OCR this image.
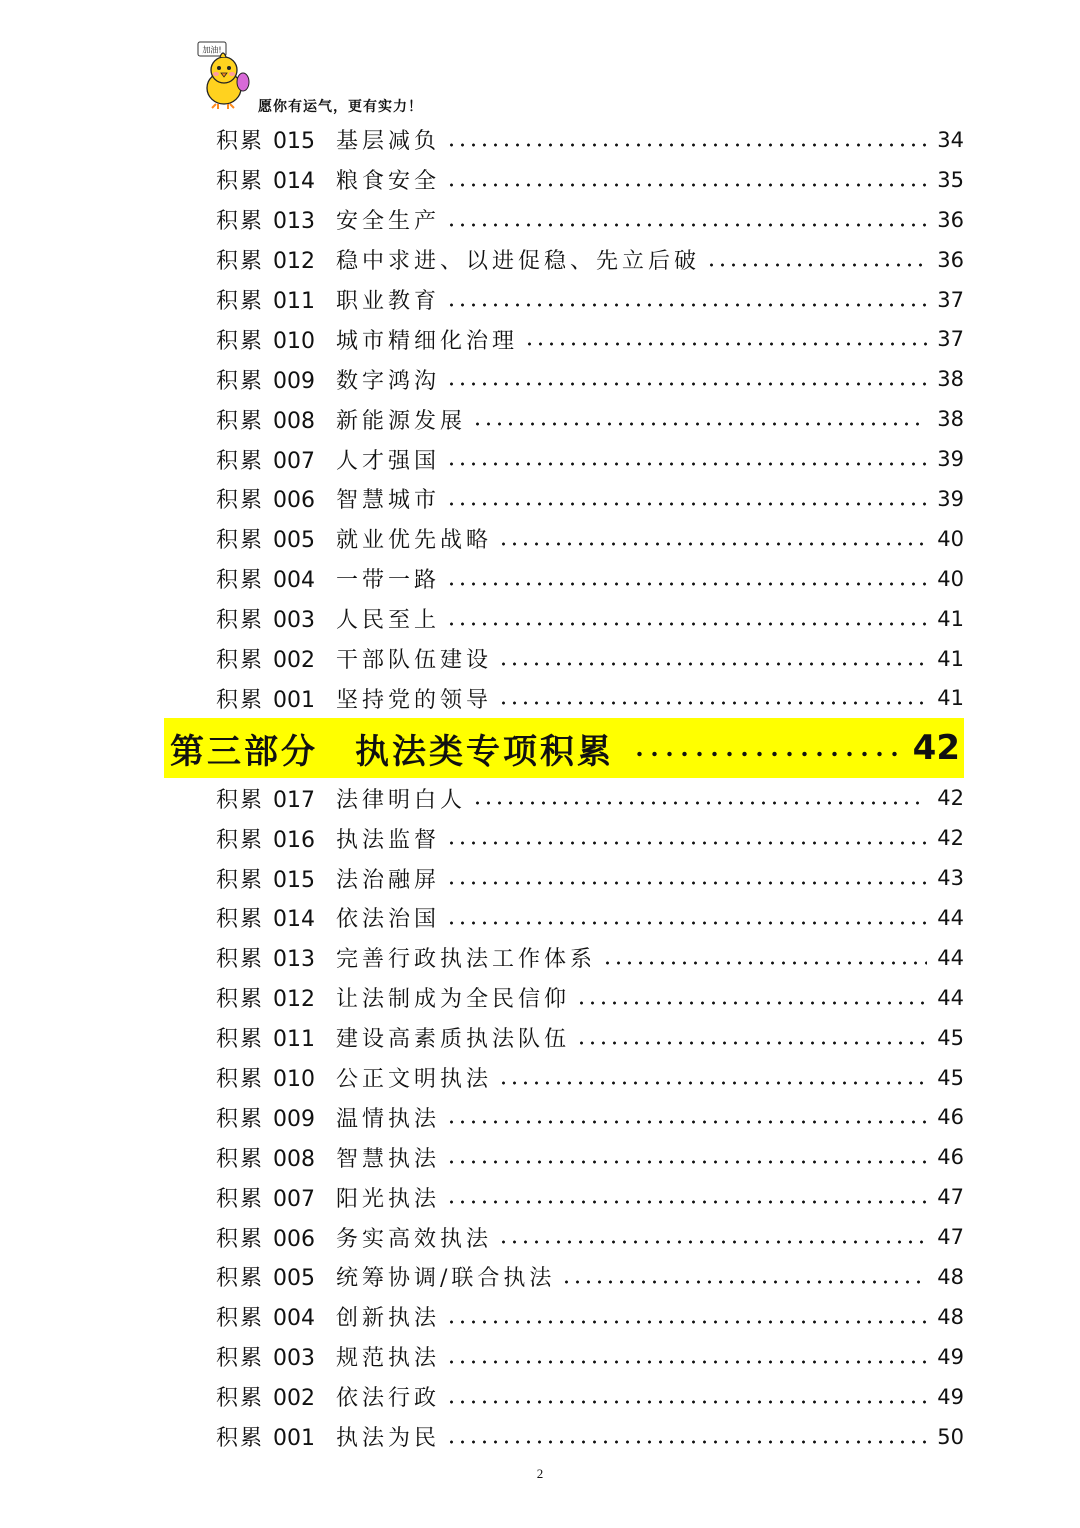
加油!
愿你有运气，更有实力！
积累 015 基层减负	34
积累 014 粮食安全	35
积累 013 安全生产	36
积累 012 稳中求进、以进促稳、先立后破	36
积累 011 职业教育	37
积累 010 城市精细化治理	37
积累 009 数字鸿沟	38
积累 008 新能源发展	38
积累 007 人才强国	39
积累 006 智慧城市	39
积累 005 就业优先战略	40
积累 004 一带一路	40
积累 003 人民至上	41
积累 002 干部队伍建设	41
积累 001 坚持党的领导	41
第三部分　执法类专项积累	42
积累 017 法律明白人	42
积累 016 执法监督	42
积累 015 法治融屏	43
积累 014 依法治国	44
积累 013 完善行政执法工作体系	44
积累 012 让法制成为全民信仰	44
积累 011 建设高素质执法队伍	45
积累 010 公正文明执法	45
积累 009 温情执法	46
积累 008 智慧执法	46
积累 007 阳光执法	47
积累 006 务实高效执法	47
积累 005 统筹协调/联合执法	48
积累 004 创新执法	48
积累 003 规范执法	49
积累 002 依法行政	49
积累 001 执法为民	50
2
